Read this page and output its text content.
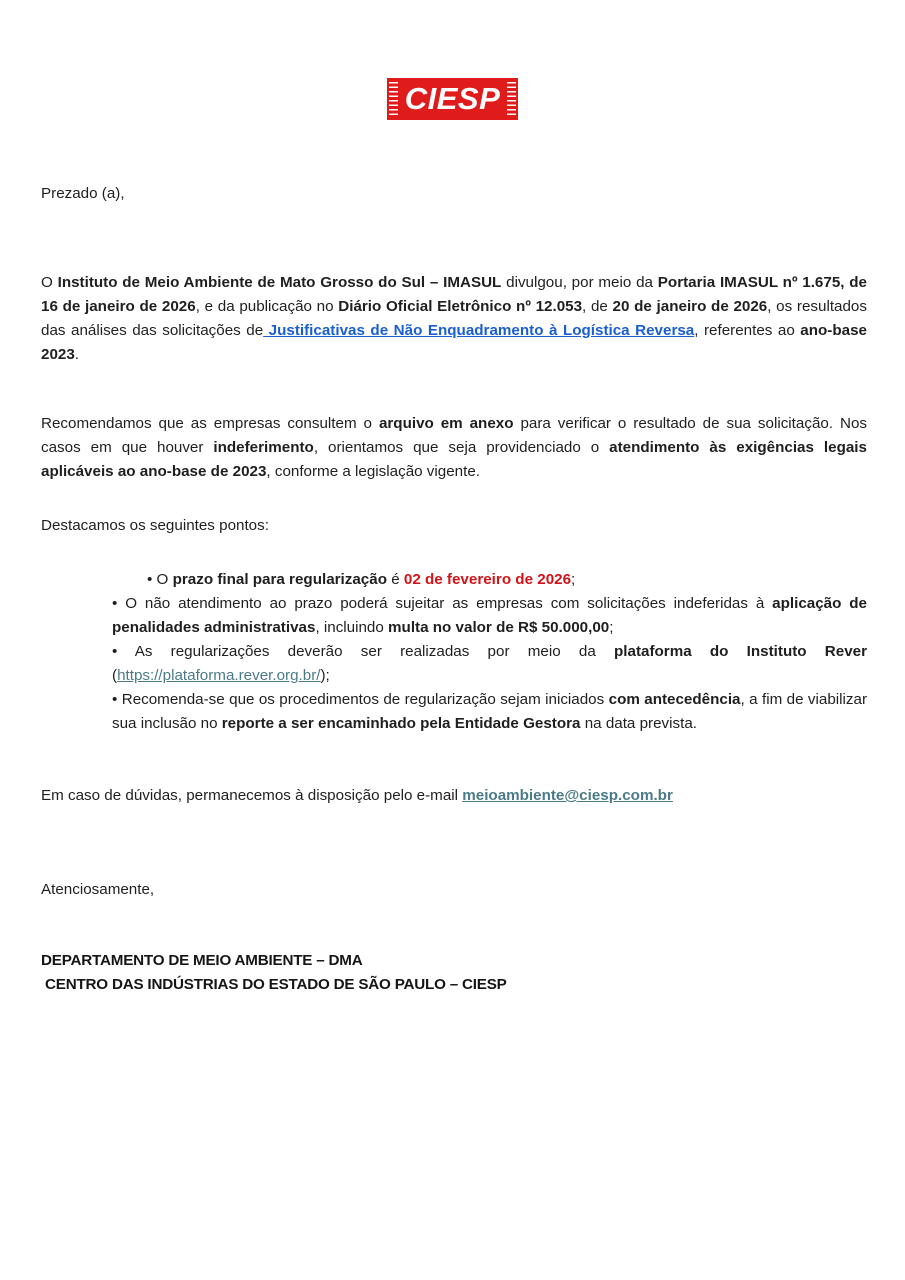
CIESP

Prezado (a),

O Instituto de Meio Ambiente de Mato Grosso do Sul – IMASUL divulgou, por meio da Portaria IMASUL nº 1.675, de 16 de janeiro de 2026, e da publicação no Diário Oficial Eletrônico nº 12.053, de 20 de janeiro de 2026, os resultados das análises das solicitações de Justificativas de Não Enquadramento à Logística Reversa, referentes ao ano-base 2023.

Recomendamos que as empresas consultem o arquivo em anexo para verificar o resultado de sua solicitação. Nos casos em que houver indeferimento, orientamos que seja providenciado o atendimento às exigências legais aplicáveis ao ano-base de 2023, conforme a legislação vigente.

Destacamos os seguintes pontos:

• O prazo final para regularização é 02 de fevereiro de 2026;

• O não atendimento ao prazo poderá sujeitar as empresas com solicitações indeferidas à aplicação de penalidades administrativas, incluindo multa no valor de R$ 50.000,00;

• As regularizações deverão ser realizadas por meio da plataforma do Instituto Rever (https://plataforma.rever.org.br/);

• Recomenda-se que os procedimentos de regularização sejam iniciados com antecedência, a fim de viabilizar sua inclusão no reporte a ser encaminhado pela Entidade Gestora na data prevista.

Em caso de dúvidas, permanecemos à disposição pelo e-mail meioambiente@ciesp.com.br

Atenciosamente,

DEPARTAMENTO DE MEIO AMBIENTE – DMA
CENTRO DAS INDÚSTRIAS DO ESTADO DE SÃO PAULO – CIESP
